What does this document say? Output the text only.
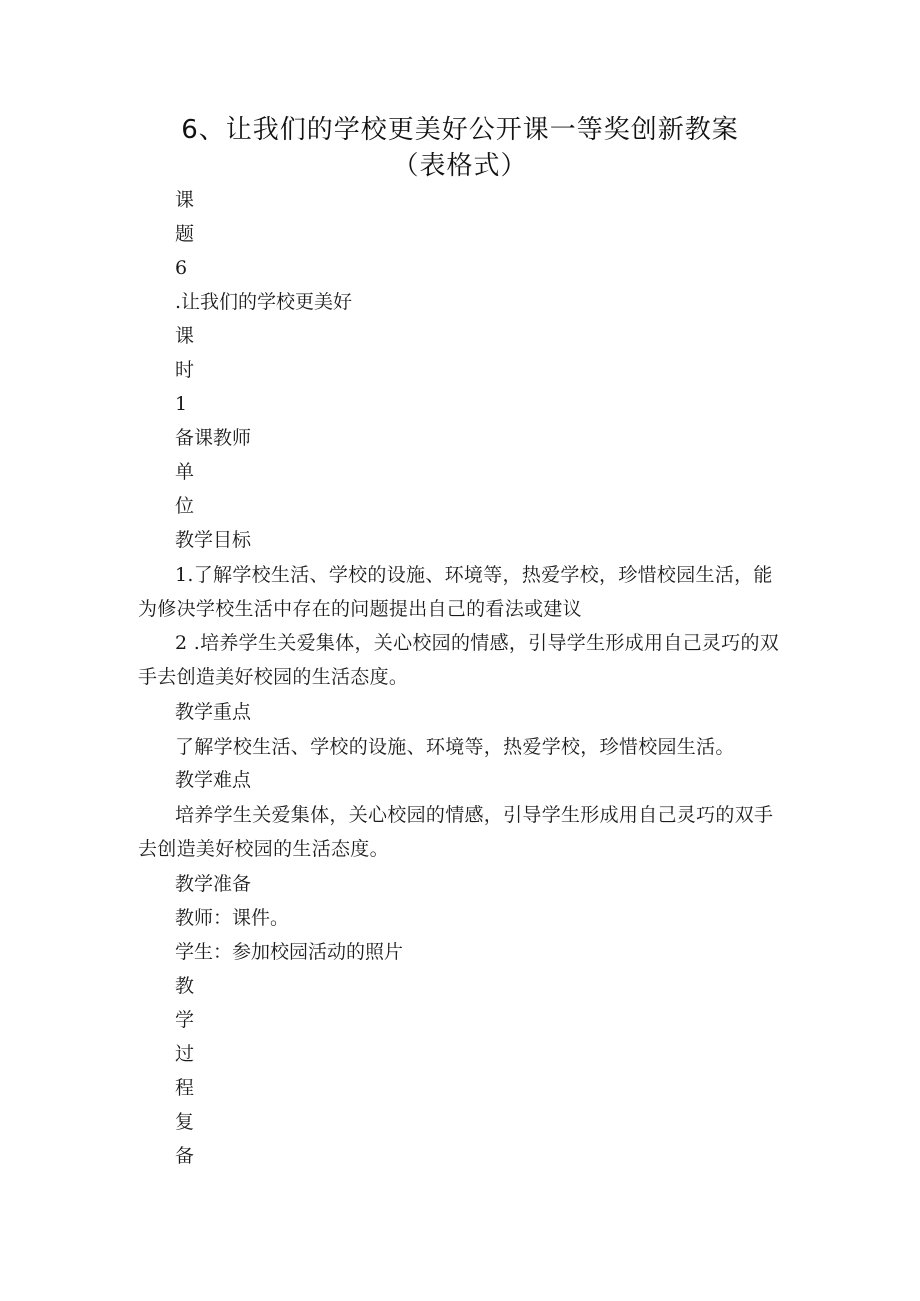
6、让我们的学校更美好公开课一等奖创新教案（表格式）

课

题

6

.让我们的学校更美好

课

时

1

备课教师

单

位

教学目标

1.了解学校生活、学校的设施、环境等，热爱学校，珍惜校园生活，能为修决学校生活中存在的问题提出自己的看法或建议

2 .培养学生关爱集体，关心校园的情感，引导学生形成用自己灵巧的双手去创造美好校园的生活态度。

教学重点

了解学校生活、学校的设施、环境等，热爱学校，珍惜校园生活。

教学难点

培养学生关爱集体，关心校园的情感，引导学生形成用自己灵巧的双手去创造美好校园的生活态度。

教学准备

教师：课件。

学生：参加校园活动的照片

教

学

过

程

复

备
